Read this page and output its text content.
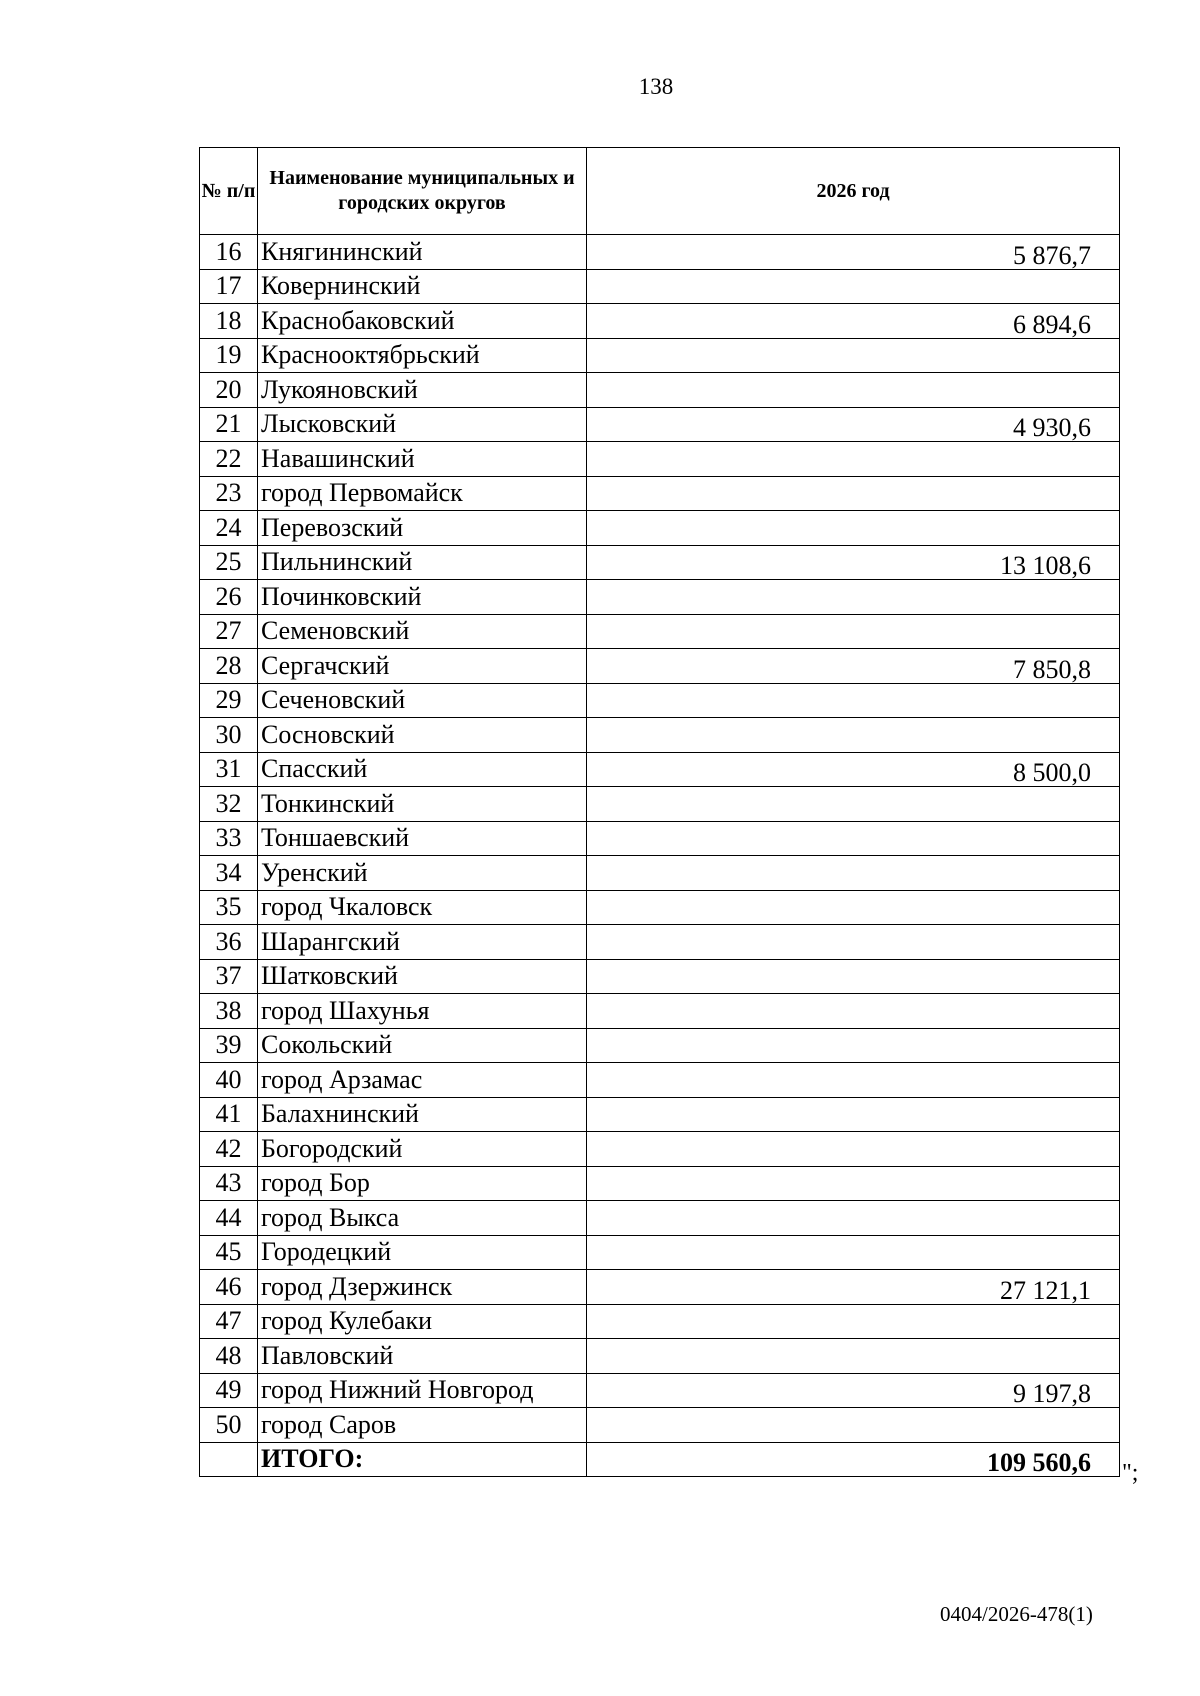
138
№ п/п	Наименование муниципальных и городских округов	2026 год
16	Княгининский	5 876,7
17	Ковернинский	
18	Краснобаковский	6 894,6
19	Краснооктябрьский	
20	Лукояновский	
21	Лысковский	4 930,6
22	Навашинский	
23	город Первомайск	
24	Перевозский	
25	Пильнинский	13 108,6
26	Починковский	
27	Семеновский	
28	Сергачский	7 850,8
29	Сеченовский	
30	Сосновский	
31	Спасский	8 500,0
32	Тонкинский	
33	Тоншаевский	
34	Уренский	
35	город Чкаловск	
36	Шарангский	
37	Шатковский	
38	город Шахунья	
39	Сокольский	
40	город Арзамас	
41	Балахнинский	
42	Богородский	
43	город Бор	
44	город Выкса	
45	Городецкий	
46	город Дзержинск	27 121,1
47	город Кулебаки	
48	Павловский	
49	город Нижний Новгород	9 197,8
50	город Саров	
	ИТОГО:	109 560,6 ";
0404/2026-478(1)
